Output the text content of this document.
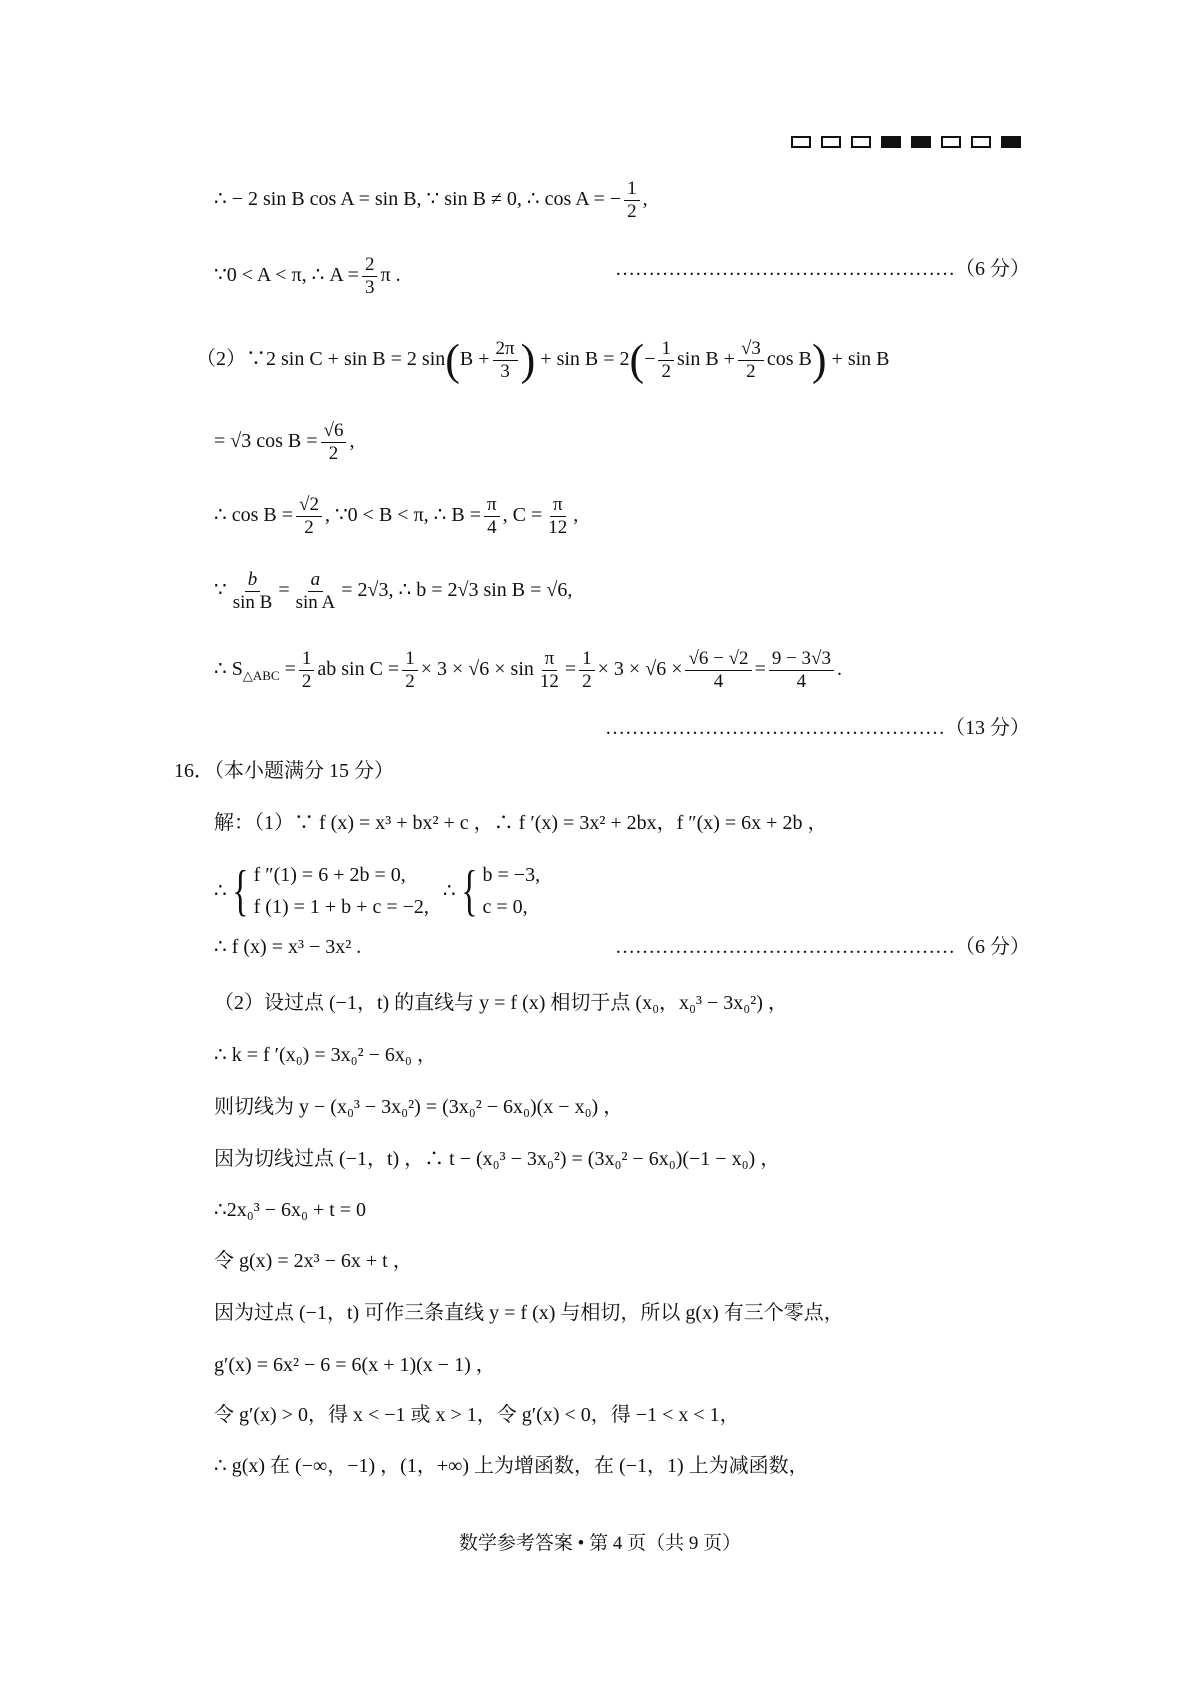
∴ − 2 sin B cos A = sin B, ∵ sin B ≠ 0, ∴ cos A = − $\frac{1}{2}$ ,
∵0 < A < π, ∴ $A = \frac{2}{3}$ π .	……………………………………………（6 分）
（2）∵2 sin C + sin B = 2 $\sin(B + \frac{2\pi}{3}$ ) + $\sin B = 2(- \frac{1}{2}$ $\sin B + \frac{√3}{2}$ cos B) + sin B
= √3 $\cos B = \frac{√6}{2}$ ,
∴ $\cos B = \frac{√2}{2}$ , ∵0 < B < π, ∴ $B = \frac{\pi}{4}$ , $C = \frac{\pi}{12}$ ,
∵ $\frac{b}{\text{sin B}} = \frac{a}{\text{sin A}} = 2√3$, ∴ b = 2√3 sin B = √6,
∴ $S_{\triangle ABC} = \frac{1}{2}$ ab $\sin C = \frac{1}{2} \times 3 \times √6 \times \sin \frac{\pi}{12} = \frac{1}{2} \times 3 \times √6 \times \frac{√6 - √2}{4} = \frac{9 - 3√3}{4}$ .
……………………………………………（13 分）
16．（本小题满分 15 分）
解：（1）∵ f (x) = x³ + bx² + c ，∴ f ′(x) = 3x² + 2bx，f ″(x) = 6x + 2b ，
∴ { f ″(1) = 6 + 2b = 0,
f (1) = 1 + b + c = −2,
∴ { b = −3,
c = 0,
∴ f (x) = x³ − 3x² .	……………………………………………（6 分）
（2）设过点 (−1，t) 的直线与 y = f (x) 相切于点 (x₀，x₀³ − 3x₀²) ，
∴ k = f ′(x₀) = 3x₀² − 6x₀ ，
则切线为 y − (x₀³ − 3x₀²) = (3x₀² − 6x₀)(x − x₀) ，
因为切线过点 (−1，t) ，∴ t − (x₀³ − 3x₀²) = (3x₀² − 6x₀)(−1 − x₀) ，
∴2x₀³ − 6x₀ + t = 0
令 g(x) = 2x³ − 6x + t ，
因为过点 (−1，t) 可作三条直线 y = f (x) 与相切，所以 g(x) 有三个零点，
g′(x) = 6x² − 6 = 6(x + 1)(x − 1) ，
令 g′(x) > 0，得 x < −1 或 x > 1，令 g′(x) < 0，得 −1 < x < 1，
∴ g(x) 在 (−∞，−1) ，(1，+∞) 上为增函数，在 (−1，1) 上为减函数，
数学参考答案 • 第 4 页（共 9 页）
